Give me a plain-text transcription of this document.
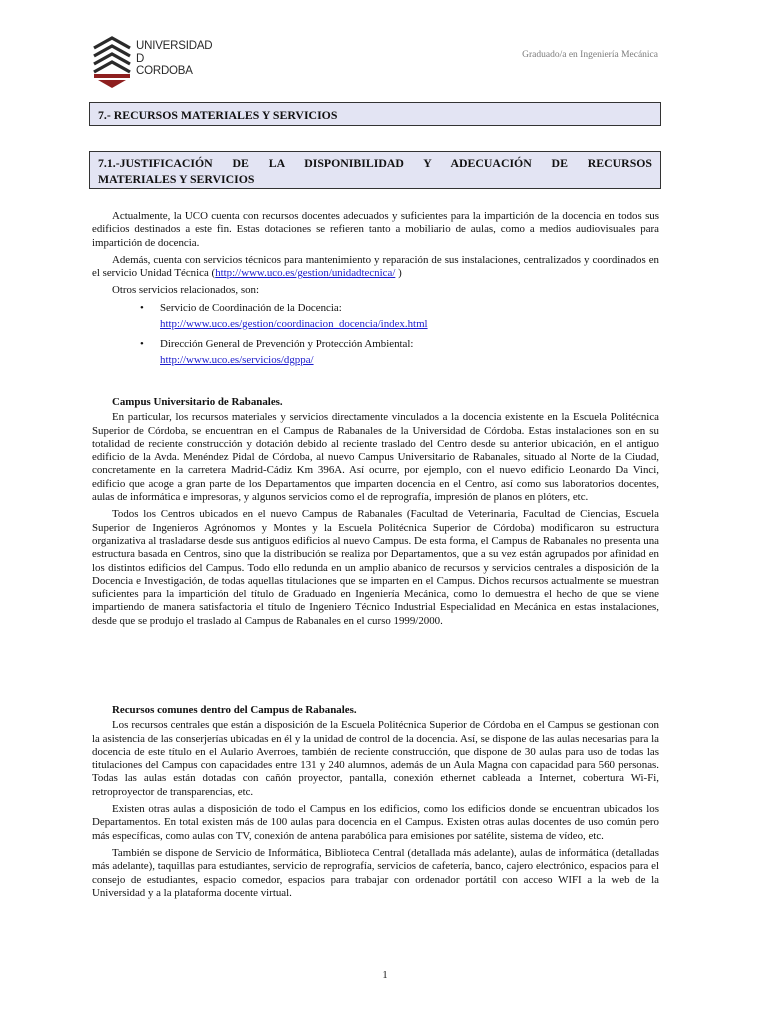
UNIVERSIDAD
D
CORDOBA
Graduado/a en Ingeniería Mecánica
7.- RECURSOS MATERIALES Y SERVICIOS
7.1.-JUSTIFICACIÓN DE LA DISPONIBILIDAD Y ADECUACIÓN DE RECURSOS
MATERIALES Y SERVICIOS

Actualmente, la UCO cuenta con recursos docentes adecuados y suficientes para la impartición de la docencia en todos sus edificios destinados a este fin. Estas dotaciones se refieren tanto a mobiliario de aulas, como a medios audiovisuales para impartición de docencia.

Además, cuenta con servicios técnicos para mantenimiento y reparación de sus instalaciones, centralizados y coordinados en el servicio Unidad Técnica (http://www.uco.es/gestion/unidadtecnica/ )

Otros servicios relacionados, son:

• Servicio de Coordinación de la Docencia:
http://www.uco.es/gestion/coordinacion_docencia/index.html
• Dirección General de Prevención y Protección Ambiental:
http://www.uco.es/servicios/dgppa/
Campus Universitario de Rabanales.

En particular, los recursos materiales y servicios directamente vinculados a la docencia existente en la Escuela Politécnica Superior de Córdoba, se encuentran en el Campus de Rabanales de la Universidad de Córdoba. Estas instalaciones son en su totalidad de reciente construcción y dotación debido al reciente traslado del Centro desde su anterior ubicación, en el antiguo edificio de la Avda. Menéndez Pidal de Córdoba, al nuevo Campus Universitario de Rabanales, situado al Norte de la Ciudad, concretamente en la carretera Madrid-Cádiz Km 396A. Así ocurre, por ejemplo, con el nuevo edificio Leonardo Da Vinci, edificio que acoge a gran parte de los Departamentos que imparten docencia en el Centro, así como sus laboratorios docentes, aulas de informática e impresoras, y algunos servicios como el de reprografía, impresión de planos en plóters, etc.

Todos los Centros ubicados en el nuevo Campus de Rabanales (Facultad de Veterinaria, Facultad de Ciencias, Escuela Superior de Ingenieros Agrónomos y Montes y la Escuela Politécnica Superior de Córdoba) modificaron su estructura organizativa al trasladarse desde sus antiguos edificios al nuevo Campus. De esta forma, el Campus de Rabanales no presenta una estructura basada en Centros, sino que la distribución se realiza por Departamentos, que a su vez están agrupados por afinidad en los distintos edificios del Campus. Todo ello redunda en un amplio abanico de recursos y servicios centrales a disposición de la Docencia e Investigación, de todas aquellas titulaciones que se imparten en el Campus. Dichos recursos actualmente se muestran suficientes para la impartición del título de Graduado en Ingeniería Mecánica, como lo demuestra el hecho de que se viene impartiendo de manera satisfactoria el título de Ingeniero Técnico Industrial Especialidad en Mecánica en estas instalaciones, desde que se produjo el traslado al Campus de Rabanales en el curso 1999/2000.

Recursos comunes dentro del Campus de Rabanales.

Los recursos centrales que están a disposición de la Escuela Politécnica Superior de Córdoba en el Campus se gestionan con la asistencia de las conserjerías ubicadas en él y la unidad de control de la docencia. Así, se dispone de las aulas necesarias para la docencia de este título en el Aulario Averroes, también de reciente construcción, que dispone de 30 aulas para uso de todas las titulaciones del Campus con capacidades entre 131 y 240 alumnos, además de un Aula Magna con capacidad para 560 personas. Todas las aulas están dotadas con cañón proyector, pantalla, conexión ethernet cableada a Internet, cobertura Wi-Fi, retroproyector de transparencias, etc.

Existen otras aulas a disposición de todo el Campus en los edificios, como los edificios donde se encuentran ubicados los Departamentos. En total existen más de 100 aulas para docencia en el Campus. Existen otras aulas docentes de uso común pero más específicas, como aulas con TV, conexión de antena parabólica para emisiones por satélite, sistema de vídeo, etc.

También se dispone de Servicio de Informática, Biblioteca Central (detallada más adelante), aulas de informática (detalladas más adelante), taquillas para estudiantes, servicio de reprografía, servicios de cafetería, banco, cajero electrónico, espacios para el consejo de estudiantes, espacio comedor, espacios para trabajar con ordenador portátil con acceso WIFI a la web de la Universidad y a la plataforma docente virtual.

1
